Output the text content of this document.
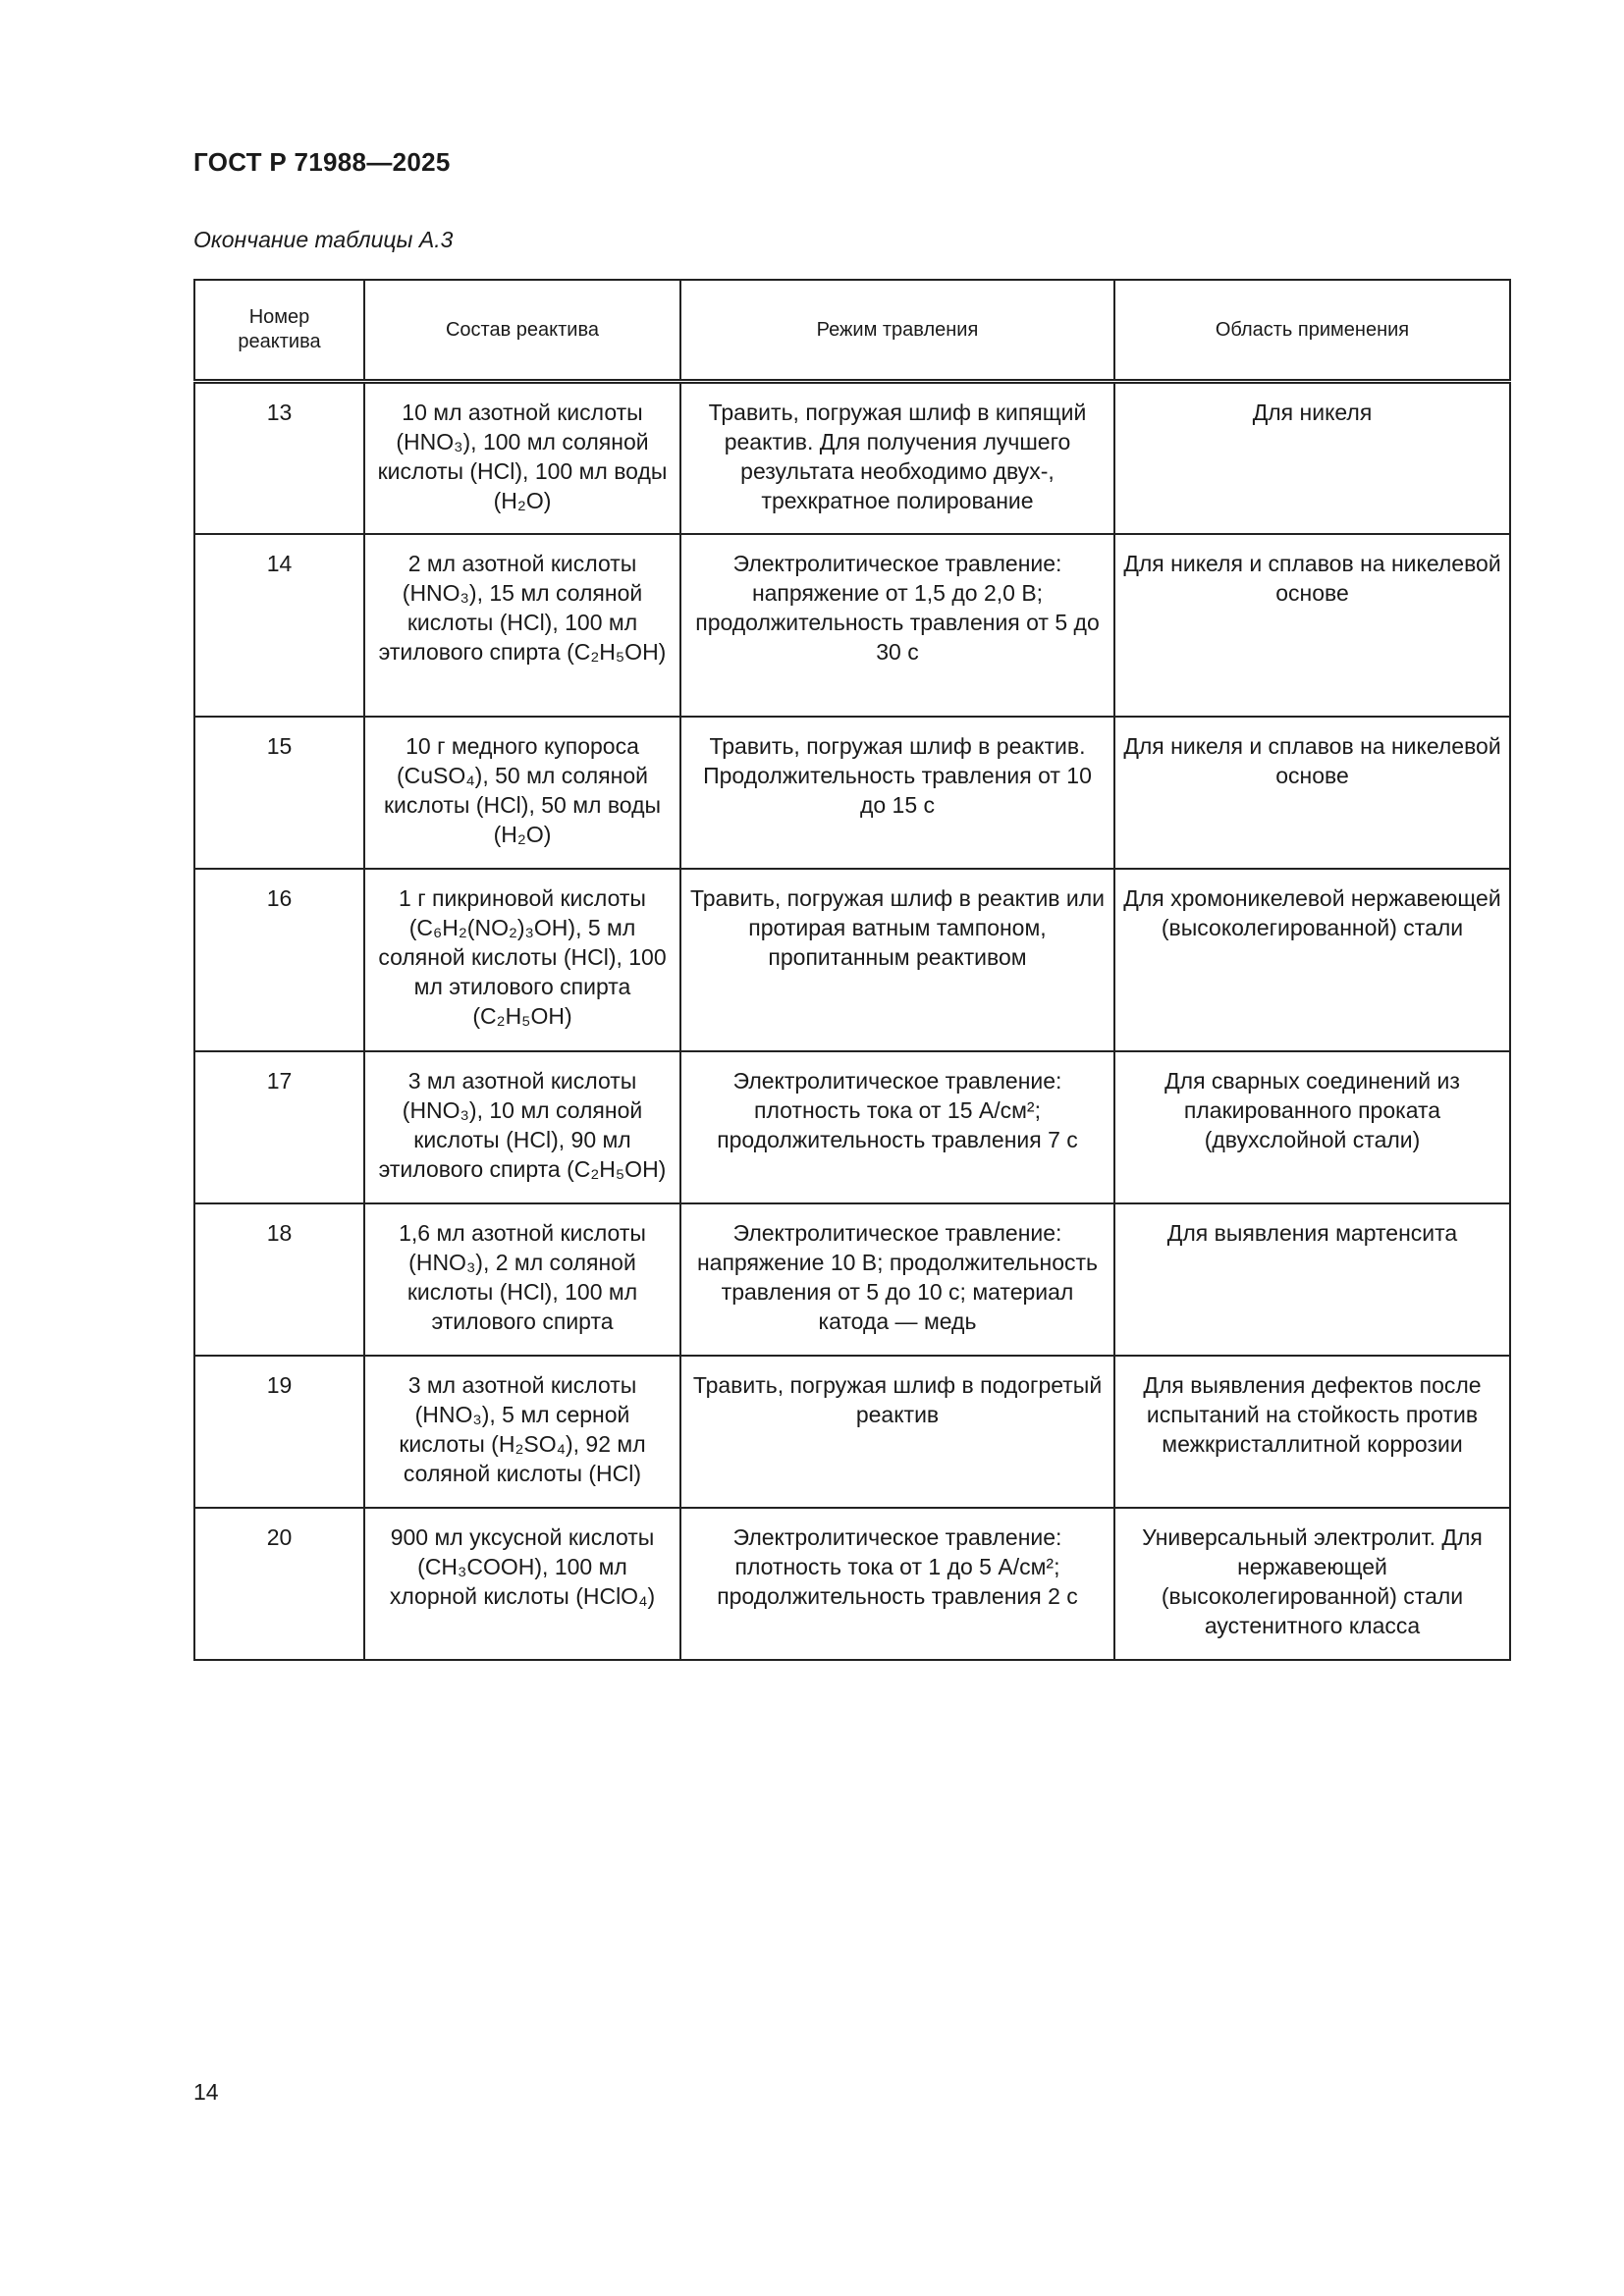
ГОСТ Р 71988—2025
Окончание таблицы А.3
Номер
реактива	Состав реактива	Режим травления	Область применения

13	10 мл азотной кислоты (HNO₃), 100 мл соляной кислоты (HCl), 100 мл воды (H₂O)	Травить, погружая шлиф в кипящий реактив. Для получения лучшего результата необходимо двух-, трехкратное полирование	Для никеля

14	2 мл азотной кислоты (HNO₃), 15 мл соляной кислоты (HCl), 100 мл этилового спирта (C₂H₅OH)	Электролитическое травление: напряжение от 1,5 до 2,0 В; продолжительность травления от 5 до 30 с	Для никеля и сплавов на никелевой основе

15	10 г медного купороса (CuSO₄), 50 мл соляной кислоты (HCl), 50 мл воды (H₂O)	Травить, погружая шлиф в реактив. Продолжительность травления от 10 до 15 с	Для никеля и сплавов на никелевой основе

16	1 г пикриновой кислоты (C₆H₂(NO₂)₃OH), 5 мл соляной кислоты (HCl), 100 мл этилового спирта (C₂H₅OH)	Травить, погружая шлиф в реактив или протирая ватным тампоном, пропитанным реактивом	Для хромоникелевой нержавеющей (высоколегированной) стали

17	3 мл азотной кислоты (HNO₃), 10 мл соляной кислоты (HCl), 90 мл этилового спирта (C₂H₅OH)	Электролитическое травление: плотность тока от 15 А/см²; продолжительность травления 7 с	Для сварных соединений из плакированного проката (двухслойной стали)

18	1,6 мл азотной кислоты (HNO₃), 2 мл соляной кислоты (HCl), 100 мл этилового спирта	Электролитическое травление: напряжение 10 В; продолжительность травления от 5 до 10 с; материал катода — медь	Для выявления мартенсита

19	3 мл азотной кислоты (HNO₃), 5 мл серной кислоты (H₂SO₄), 92 мл соляной кислоты (HCl)	Травить, погружая шлиф в подогретый реактив	Для выявления дефектов после испытаний на стойкость против межкристаллитной коррозии

20	900 мл уксусной кислоты (CH₃COOH), 100 мл хлорной кислоты (HClO₄)	Электролитическое травление: плотность тока от 1 до 5 А/см²; продолжительность травления 2 с	Универсальный электролит. Для нержавеющей (высоколегированной) стали аустенитного класса
14
